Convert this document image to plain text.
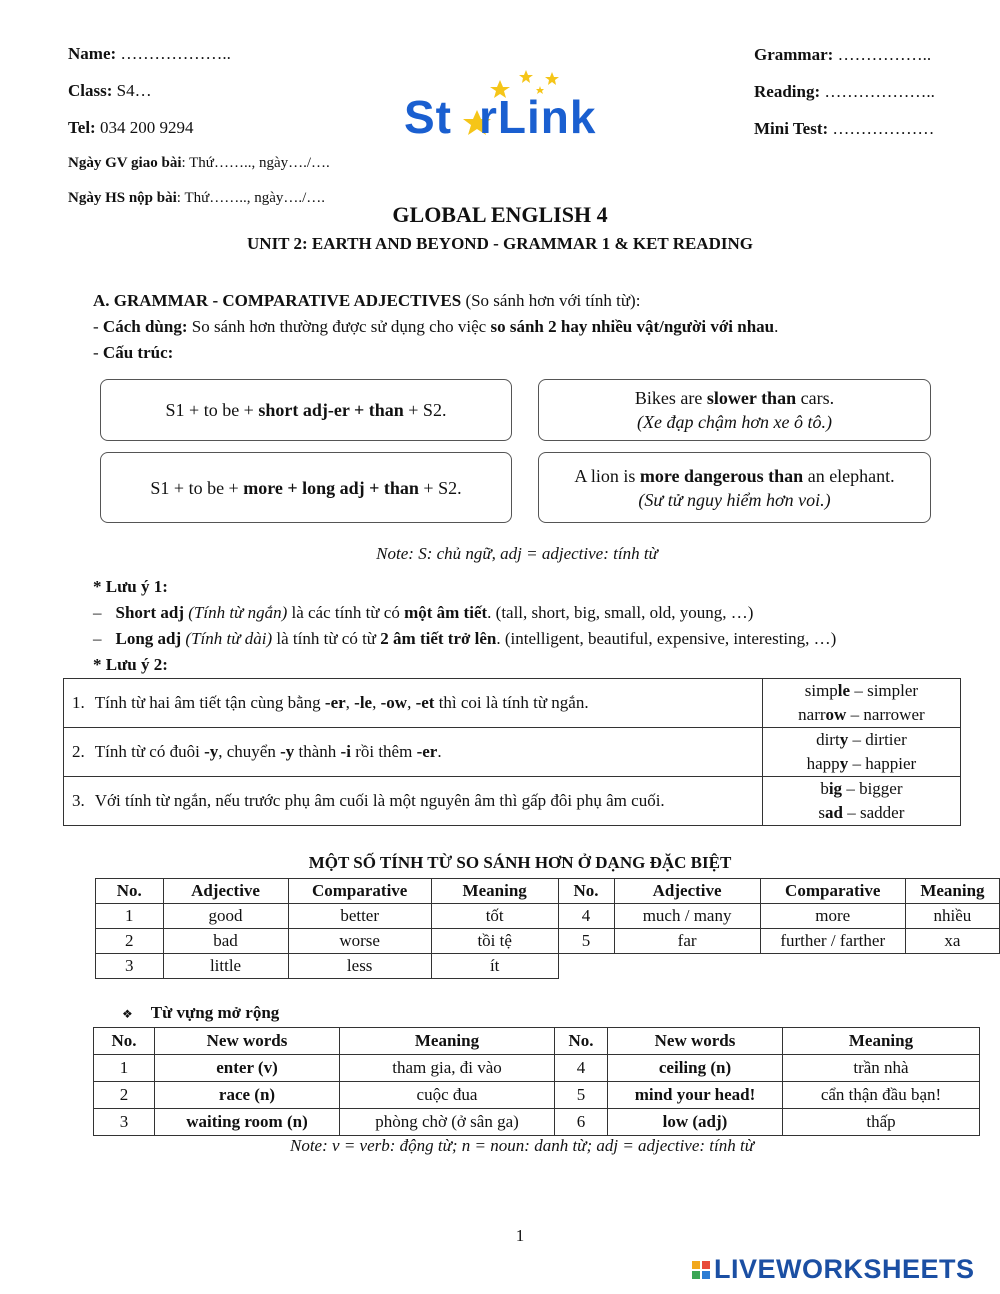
Name: ………………..
Class: S4…
Tel: 034 200 9294
Ngày GV giao bài: Thứ…….., ngày…./….
Ngày HS nộp bài: Thứ…….., ngày…./….
Grammar: ……………..
Reading: ………………..
Mini Test: ………………
St rLink
GLOBAL ENGLISH 4
UNIT 2: EARTH AND BEYOND - GRAMMAR 1 & KET READING
A. GRAMMAR - COMPARATIVE ADJECTIVES (So sánh hơn với tính từ):
- Cách dùng: So sánh hơn thường được sử dụng cho việc so sánh 2 hay nhiều vật/người với nhau.
- Cấu trúc:
S1 + to be + short adj-er + than + S2.
Bikes are slower than cars.
(Xe đạp chậm hơn xe ô tô.)
S1 + to be + more + long adj + than + S2.
A lion is more dangerous than an elephant.
(Sư tử nguy hiểm hơn voi.)
Note: S: chủ ngữ, adj = adjective: tính từ
* Lưu ý 1:
– Short adj (Tính từ ngắn) là các tính từ có một âm tiết. (tall, short, big, small, old, young, …)
– Long adj (Tính từ dài) là tính từ có từ 2 âm tiết trở lên. (intelligent, beautiful, expensive, interesting, …)
* Lưu ý 2:
1. Tính từ hai âm tiết tận cùng bằng -er, -le, -ow, -et thì coi là tính từ ngắn.	simple – simpler
narrow – narrower

2. Tính từ có đuôi -y, chuyển -y thành -i rồi thêm -er.	dirty – dirtier
happy – happier

3. Với tính từ ngắn, nếu trước phụ âm cuối là một nguyên âm thì gấp đôi phụ âm cuối.	big – bigger
sad – sadder
MỘT SỐ TÍNH TỪ SO SÁNH HƠN Ở DẠNG ĐẶC BIỆT
No.	Adjective	Comparative	Meaning	No.	Adjective	Comparative	Meaning
1	good	better	tốt	4	much / many	more	nhiều
2	bad	worse	tồi tệ	5	far	further / farther	xa
3	little	less	ít				
❖ Từ vựng mở rộng
No.	New words	Meaning	No.	New words	Meaning
1	enter (v)	tham gia, đi vào	4	ceiling (n)	trần nhà
2	race (n)	cuộc đua	5	mind your head!	cẩn thận đầu bạn!
3	waiting room (n)	phòng chờ (ở sân ga)	6	low (adj)	thấp
Note: v = verb: động từ; n = noun: danh từ; adj = adjective: tính từ
1
LIVEWORKSHEETS
